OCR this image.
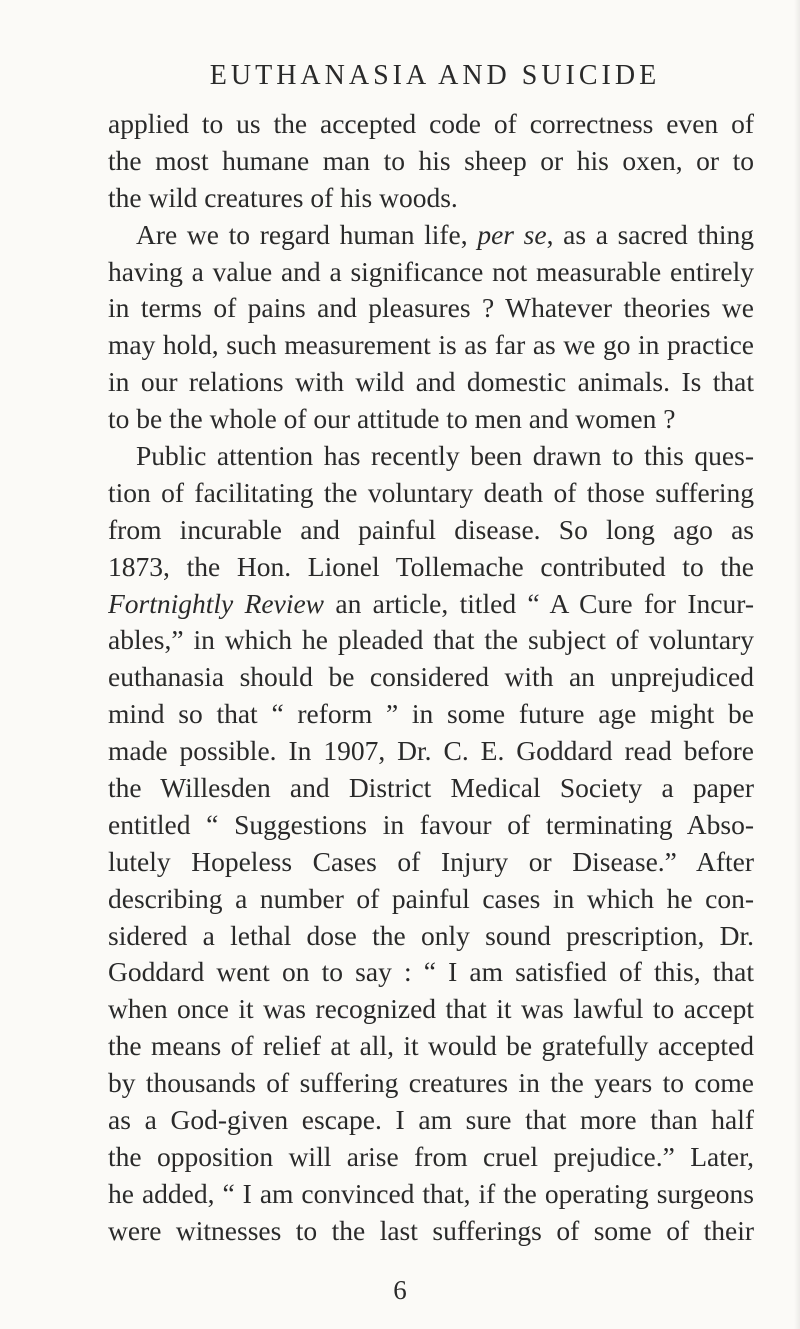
EUTHANASIA AND SUICIDE
applied to us the accepted code of correctness even of
the most humane man to his sheep or his oxen, or to
the wild creatures of his woods.
Are we to regard human life, per se, as a sacred thing
having a value and a significance not measurable entirely
in terms of pains and pleasures ? Whatever theories we
may hold, such measurement is as far as we go in practice
in our relations with wild and domestic animals. Is that
to be the whole of our attitude to men and women ?
Public attention has recently been drawn to this ques-
tion of facilitating the voluntary death of those suffering
from incurable and painful disease. So long ago as
1873, the Hon. Lionel Tollemache contributed to the
Fortnightly Review an article, titled “ A Cure for Incur-
ables,” in which he pleaded that the subject of voluntary
euthanasia should be considered with an unprejudiced
mind so that “ reform ” in some future age might be
made possible. In 1907, Dr. C. E. Goddard read before
the Willesden and District Medical Society a paper
entitled “ Suggestions in favour of terminating Abso-
lutely Hopeless Cases of Injury or Disease.” After
describing a number of painful cases in which he con-
sidered a lethal dose the only sound prescription, Dr.
Goddard went on to say : “ I am satisfied of this, that
when once it was recognized that it was lawful to accept
the means of relief at all, it would be gratefully accepted
by thousands of suffering creatures in the years to come
as a God-given escape. I am sure that more than half
the opposition will arise from cruel prejudice.” Later,
he added, “ I am convinced that, if the operating surgeons
were witnesses to the last sufferings of some of their
6
